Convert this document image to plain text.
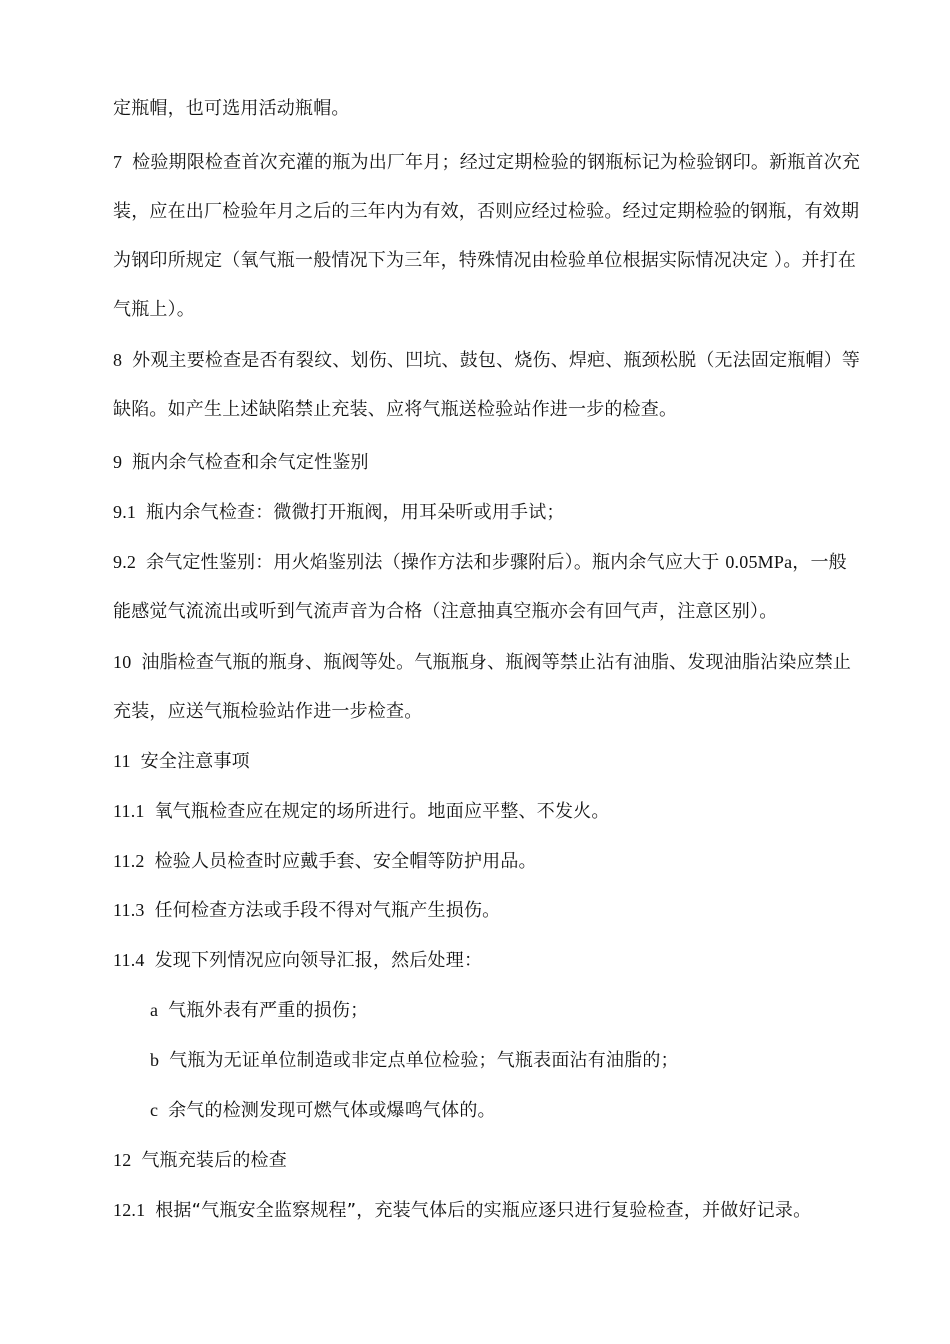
定瓶帽，也可选用活动瓶帽。

7 检验期限检查首次充灌的瓶为出厂年月；经过定期检验的钢瓶标记为检验钢印。新瓶首次充装，应在出厂检验年月之后的三年内为有效，否则应经过检验。经过定期检验的钢瓶，有效期为钢印所规定（氧气瓶一般情况下为三年，特殊情况由检验单位根据实际情况决定 ）。并打在气瓶上）。

8 外观主要检查是否有裂纹、划伤、凹坑、鼓包、烧伤、焊疤、瓶颈松脱（无法固定瓶帽）等缺陷。如产生上述缺陷禁止充装、应将气瓶送检验站作进一步的检查。

9 瓶内余气检查和余气定性鉴别

9.1 瓶内余气检查：微微打开瓶阀，用耳朵听或用手试；

9.2 余气定性鉴别：用火焰鉴别法（操作方法和步骤附后）。瓶内余气应大于 0.05MPa，一般能感觉气流流出或听到气流声音为合格（注意抽真空瓶亦会有回气声，注意区别）。

10 油脂检查气瓶的瓶身、瓶阀等处。气瓶瓶身、瓶阀等禁止沾有油脂、发现油脂沾染应禁止充装，应送气瓶检验站作进一步检查。

11 安全注意事项

11.1 氧气瓶检查应在规定的场所进行。地面应平整、不发火。

11.2 检验人员检查时应戴手套、安全帽等防护用品。

11.3 任何检查方法或手段不得对气瓶产生损伤。

11.4 发现下列情况应向领导汇报，然后处理：

a 气瓶外表有严重的损伤；

b 气瓶为无证单位制造或非定点单位检验；气瓶表面沾有油脂的；

c 余气的检测发现可燃气体或爆鸣气体的。

12 气瓶充装后的检查

12.1 根据“气瓶安全监察规程”，充装气体后的实瓶应逐只进行复验检查，并做好记录。
